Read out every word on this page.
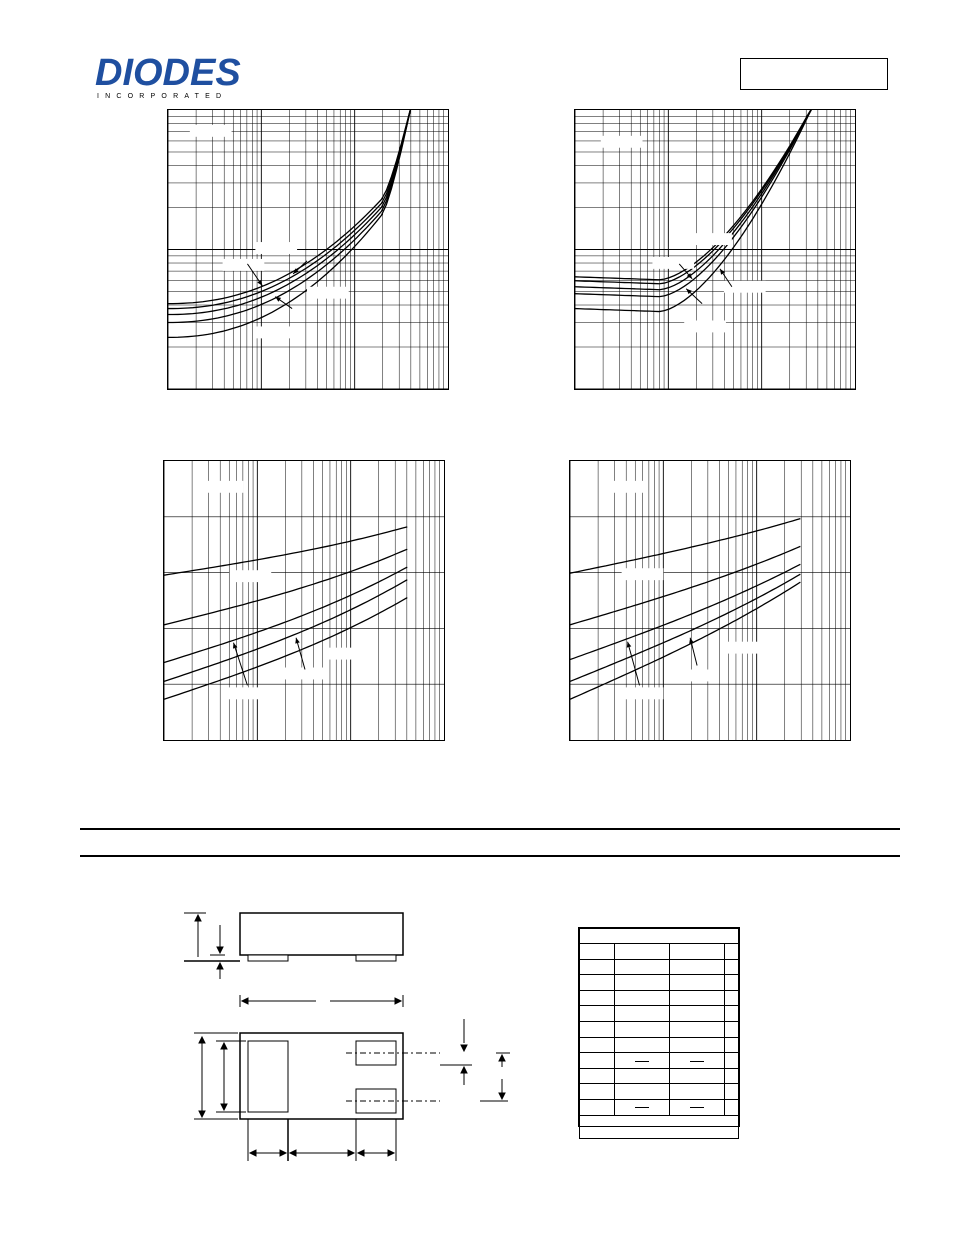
DIODES
INCORPORATED
